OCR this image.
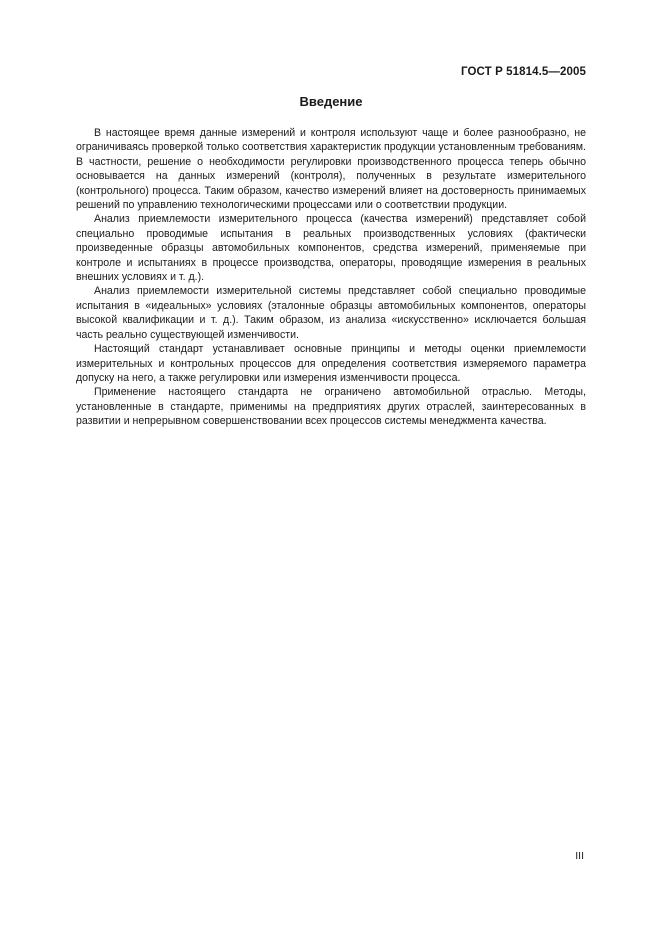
ГОСТ Р 51814.5—2005
Введение

В настоящее время данные измерений и контроля используют чаще и более разнообразно, не ограничиваясь проверкой только соответствия характеристик продукции установленным требованиям. В частности, решение о необходимости регулировки производственного процесса теперь обычно основывается на данных измерений (контроля), полученных в результате измерительного (контрольного) процесса. Таким образом, качество измерений влияет на достоверность принимаемых решений по управлению технологическими процессами или о соответствии продукции.

Анализ приемлемости измерительного процесса (качества измерений) представляет собой специально проводимые испытания в реальных производственных условиях (фактически произведенные образцы автомобильных компонентов, средства измерений, применяемые при контроле и испытаниях в процессе производства, операторы, проводящие измерения в реальных внешних условиях и т. д.).

Анализ приемлемости измерительной системы представляет собой специально проводимые испытания в «идеальных» условиях (эталонные образцы автомобильных компонентов, операторы высокой квалификации и т. д.). Таким образом, из анализа «искусственно» исключается большая часть реально существующей изменчивости.

Настоящий стандарт устанавливает основные принципы и методы оценки приемлемости измерительных и контрольных процессов для определения соответствия измеряемого параметра допуску на него, а также регулировки или измерения изменчивости процесса.

Применение настоящего стандарта не ограничено автомобильной отраслью. Методы, установленные в стандарте, применимы на предприятиях других отраслей, заинтересованных в развитии и непрерывном совершенствовании всех процессов системы менеджмента качества.

III
